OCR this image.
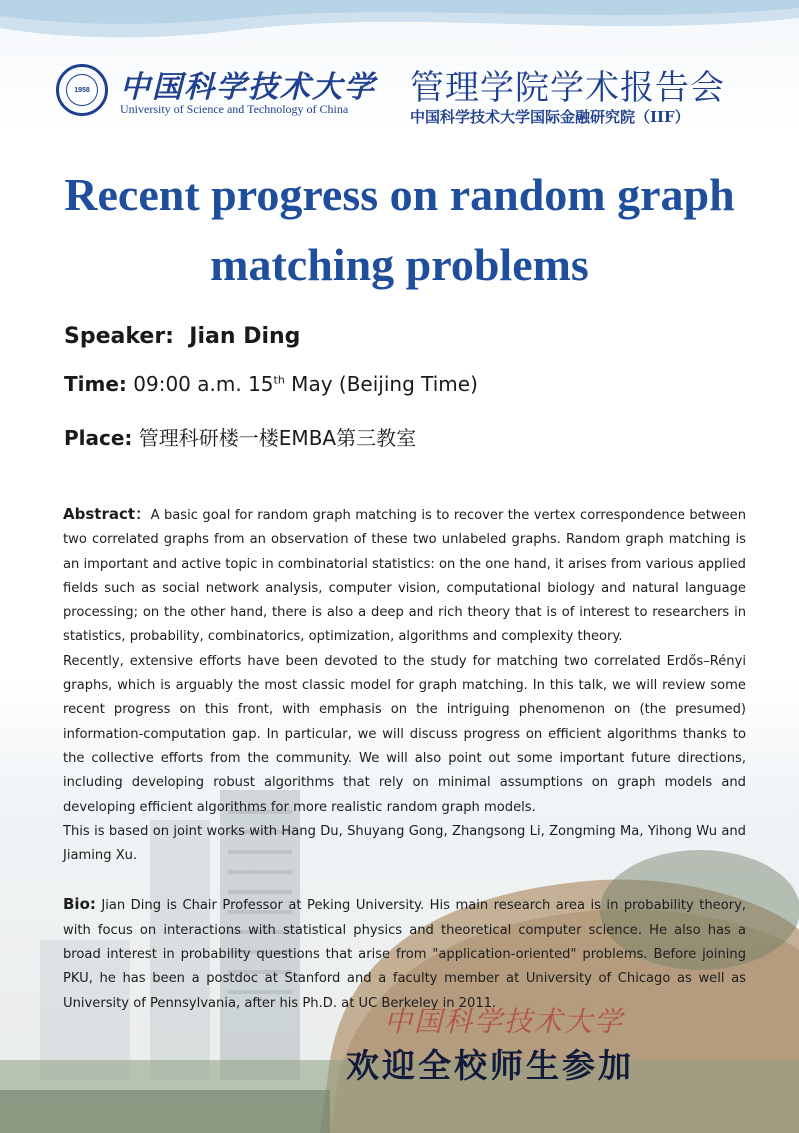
1958 中国科学技术大学
University of Science and Technology of China
管理学院学术报告会
中国科学技术大学国际金融研究院（IIF）
Recent progress on random graph
matching problems
Speaker: Jian Ding
Time: 09:00 a.m. 15th May (Beijing Time)
Place: 管理科研楼一楼EMBA第三教室

Abstract：A basic goal for random graph matching is to recover the vertex correspondence between two correlated graphs from an observation of these two unlabeled graphs. Random graph matching is an important and active topic in combinatorial statistics: on the one hand, it arises from various applied fields such as social network analysis, computer vision, computational biology and natural language processing; on the other hand, there is also a deep and rich theory that is of interest to researchers in statistics, probability, combinatorics, optimization, algorithms and complexity theory.

Recently, extensive efforts have been devoted to the study for matching two correlated Erdős–Rényi graphs, which is arguably the most classic model for graph matching. In this talk, we will review some recent progress on this front, with emphasis on the intriguing phenomenon on (the presumed) information-computation gap. In particular, we will discuss progress on efficient algorithms thanks to the collective efforts from the community. We will also point out some important future directions, including developing robust algorithms that rely on minimal assumptions on graph models and developing efficient algorithms for more realistic random graph models.

This is based on joint works with Hang Du, Shuyang Gong, Zhangsong Li, Zongming Ma, Yihong Wu and Jiaming Xu.

Bio: Jian Ding is Chair Professor at Peking University. His main research area is in probability theory, with focus on interactions with statistical physics and theoretical computer science. He also has a broad interest in probability questions that arise from "application-oriented" problems. Before joining PKU, he has been a postdoc at Stanford and a faculty member at University of Chicago as well as University of Pennsylvania, after his Ph.D. at UC Berkeley in 2011.

中国科学技术大学
欢迎全校师生参加
